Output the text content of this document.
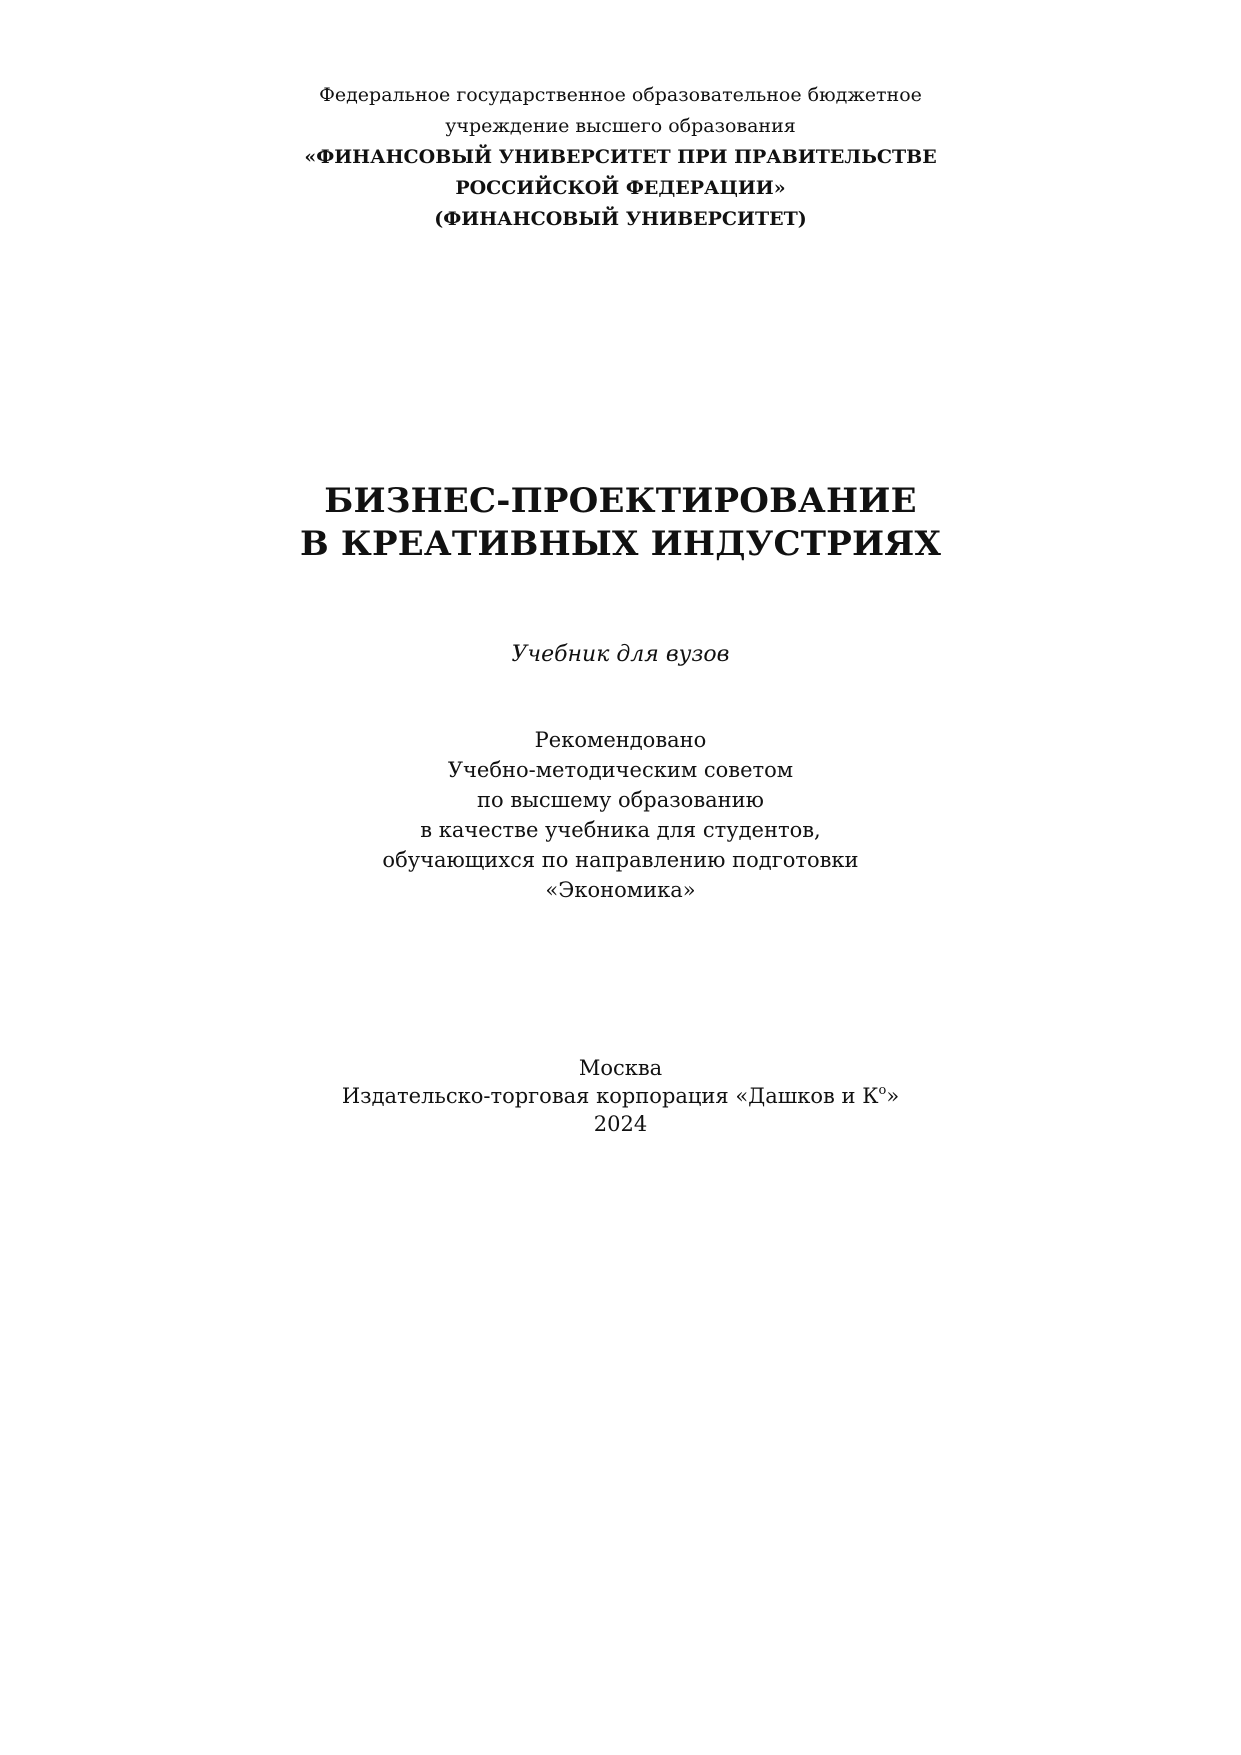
Федеральное государственное образовательное бюджетное
учреждение высшего образования
«ФИНАНСОВЫЙ УНИВЕРСИТЕТ ПРИ ПРАВИТЕЛЬСТВЕ
РОССИЙСКОЙ ФЕДЕРАЦИИ»
(ФИНАНСОВЫЙ УНИВЕРСИТЕТ)
БИЗНЕС-ПРОЕКТИРОВАНИЕ
В КРЕАТИВНЫХ ИНДУСТРИЯХ
Учебник для вузов
Рекомендовано
Учебно-методическим советом
по высшему образованию
в качестве учебника для студентов,
обучающихся по направлению подготовки
«Экономика»
Москва
Издательско-торговая корпорация «Дашков и $К^о$»
2024
